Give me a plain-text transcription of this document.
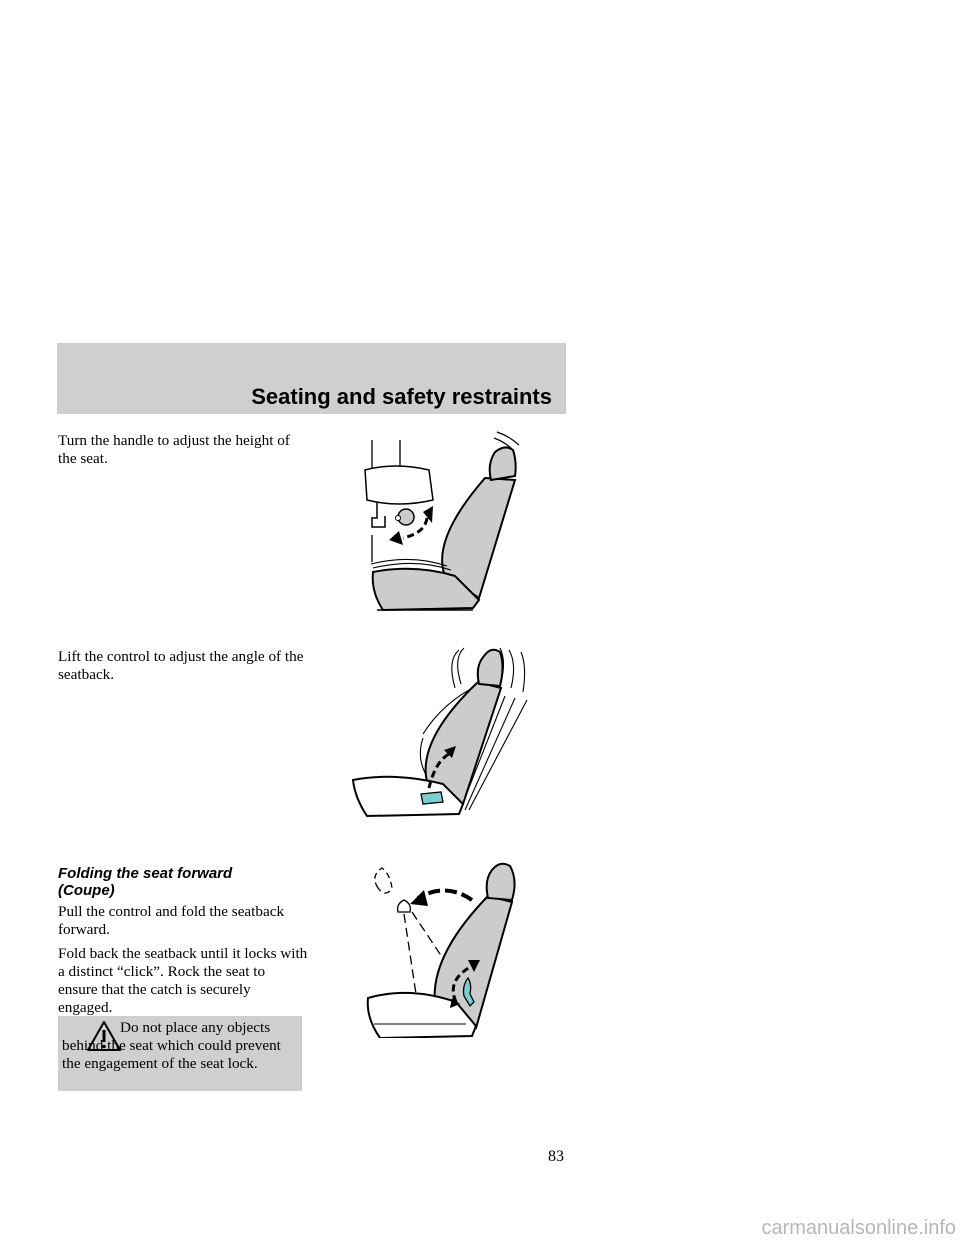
Seating and safety restraints

Turn the handle to adjust the height of the seat.

Lift the control to adjust the angle of the seatback.

Folding the seat forward
(Coupe)

Pull the control and fold the seatback forward.

Fold back the seatback until it locks with a distinct “click”. Rock the seat to ensure that the catch is securely engaged.

Do not place any objects behind the seat which could prevent the engagement of the seat lock.
83
carmanualsonline.info
